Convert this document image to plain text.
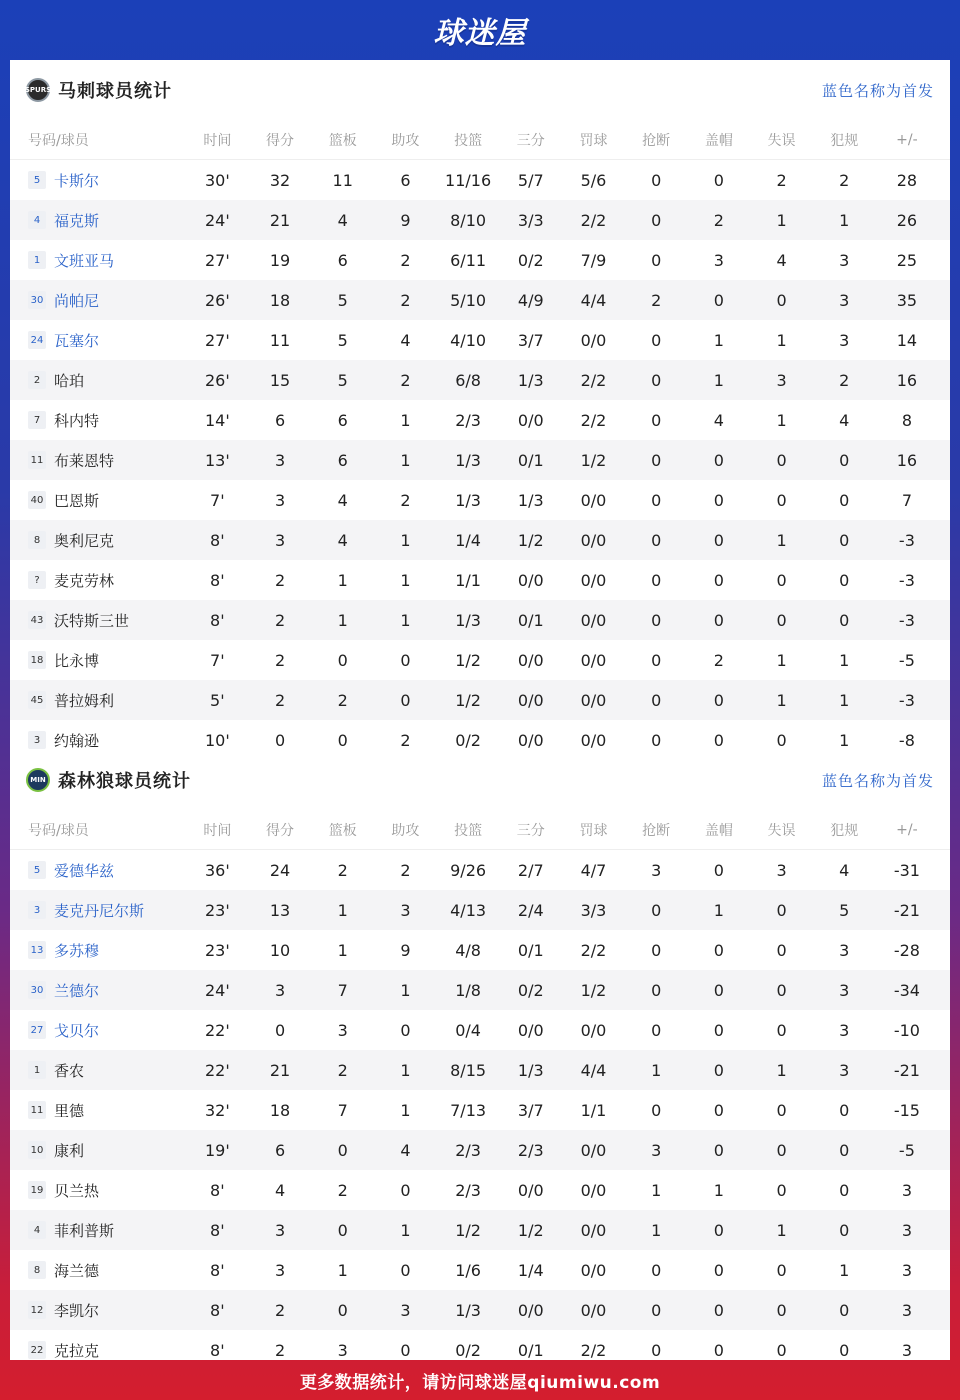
球迷屋
SPURS 马刺球员统计	蓝色名称为首发
号码/球员	时间	得分	篮板	助攻	投篮	三分	罚球	抢断	盖帽	失误	犯规	+/-
5 卡斯尔	30'	32	11	6	11/16	5/7	5/6	0	0	2	2	28
4 福克斯	24'	21	4	9	8/10	3/3	2/2	0	2	1	1	26
1 文班亚马	27'	19	6	2	6/11	0/2	7/9	0	3	4	3	25
30 尚帕尼	26'	18	5	2	5/10	4/9	4/4	2	0	0	3	35
24 瓦塞尔	27'	11	5	4	4/10	3/7	0/0	0	1	1	3	14
2 哈珀	26'	15	5	2	6/8	1/3	2/2	0	1	3	2	16
7 科内特	14'	6	6	1	2/3	0/0	2/2	0	4	1	4	8
11 布莱恩特	13'	3	6	1	1/3	0/1	1/2	0	0	0	0	16
40 巴恩斯	7'	3	4	2	1/3	1/3	0/0	0	0	0	0	7
8 奥利尼克	8'	3	4	1	1/4	1/2	0/0	0	0	1	0	-3
? 麦克劳林	8'	2	1	1	1/1	0/0	0/0	0	0	0	0	-3
43 沃特斯三世	8'	2	1	1	1/3	0/1	0/0	0	0	0	0	-3
18 比永博	7'	2	0	0	1/2	0/0	0/0	0	2	1	1	-5
45 普拉姆利	5'	2	2	0	1/2	0/0	0/0	0	0	1	1	-3
3 约翰逊	10'	0	0	2	0/2	0/0	0/0	0	0	0	1	-8
MIN 森林狼球员统计	蓝色名称为首发
号码/球员	时间	得分	篮板	助攻	投篮	三分	罚球	抢断	盖帽	失误	犯规	+/-
5 爱德华兹	36'	24	2	2	9/26	2/7	4/7	3	0	3	4	-31
3 麦克丹尼尔斯	23'	13	1	3	4/13	2/4	3/3	0	1	0	5	-21
13 多苏穆	23'	10	1	9	4/8	0/1	2/2	0	0	0	3	-28
30 兰德尔	24'	3	7	1	1/8	0/2	1/2	0	0	0	3	-34
27 戈贝尔	22'	0	3	0	0/4	0/0	0/0	0	0	0	3	-10
1 香农	22'	21	2	1	8/15	1/3	4/4	1	0	1	3	-21
11 里德	32'	18	7	1	7/13	3/7	1/1	0	0	0	0	-15
10 康利	19'	6	0	4	2/3	2/3	0/0	3	0	0	0	-5
19 贝兰热	8'	4	2	0	2/3	0/0	0/0	1	1	0	0	3
4 菲利普斯	8'	3	0	1	1/2	1/2	0/0	1	0	1	0	3
8 海兰德	8'	3	1	0	1/6	1/4	0/0	0	0	0	1	3
12 李凯尔	8'	2	0	3	1/3	0/0	0/0	0	0	0	0	3
22 克拉克	8'	2	3	0	0/2	0/1	2/2	0	0	0	0	3
更多数据统计，请访问球迷屋qiumiwu.com
